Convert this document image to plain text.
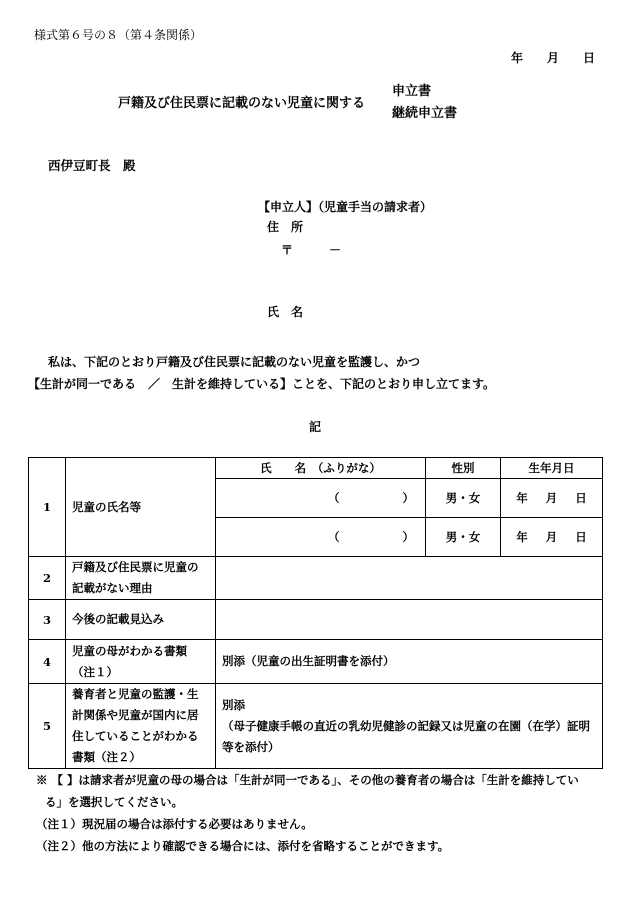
様式第６号の８（第４条関係）
年　　月　　日
戸籍及び住民票に記載のない児童に関する
申立書
継続申立書
西伊豆町長　殿
【申立人】（児童手当の請求者）
住　所
〒　　　－
氏　名
私は、下記のとおり戸籍及び住民票に記載のない児童を監護し、かつ
【生計が同一である　／　生計を維持している】ことを、下記のとおり申し立てます。
記
1	児童の氏名等	氏　　名　（ふりがな）	性別	生年月日

		（ ）	男・女	年 月 日

		（ ）	男・女	年 月 日
2	戸籍及び住民票に児童の記載がない理由			
3	今後の記載見込み			
4	児童の母がわかる書類（注１）	別添（児童の出生証明書を添付）		
5	養育者と児童の監護・生計関係や児童が国内に居住していることがわかる書類（注２）	別添
（母子健康手帳の直近の乳幼児健診の記録又は児童の在園（在学）証明等を添付）		
※ 【 】は請求者が児童の母の場合は「生計が同一である」、その他の養育者の場合は「生計を維持してい
る」を選択してください。
（注１）現況届の場合は添付する必要はありません。
（注２）他の方法により確認できる場合には、添付を省略することができます。
